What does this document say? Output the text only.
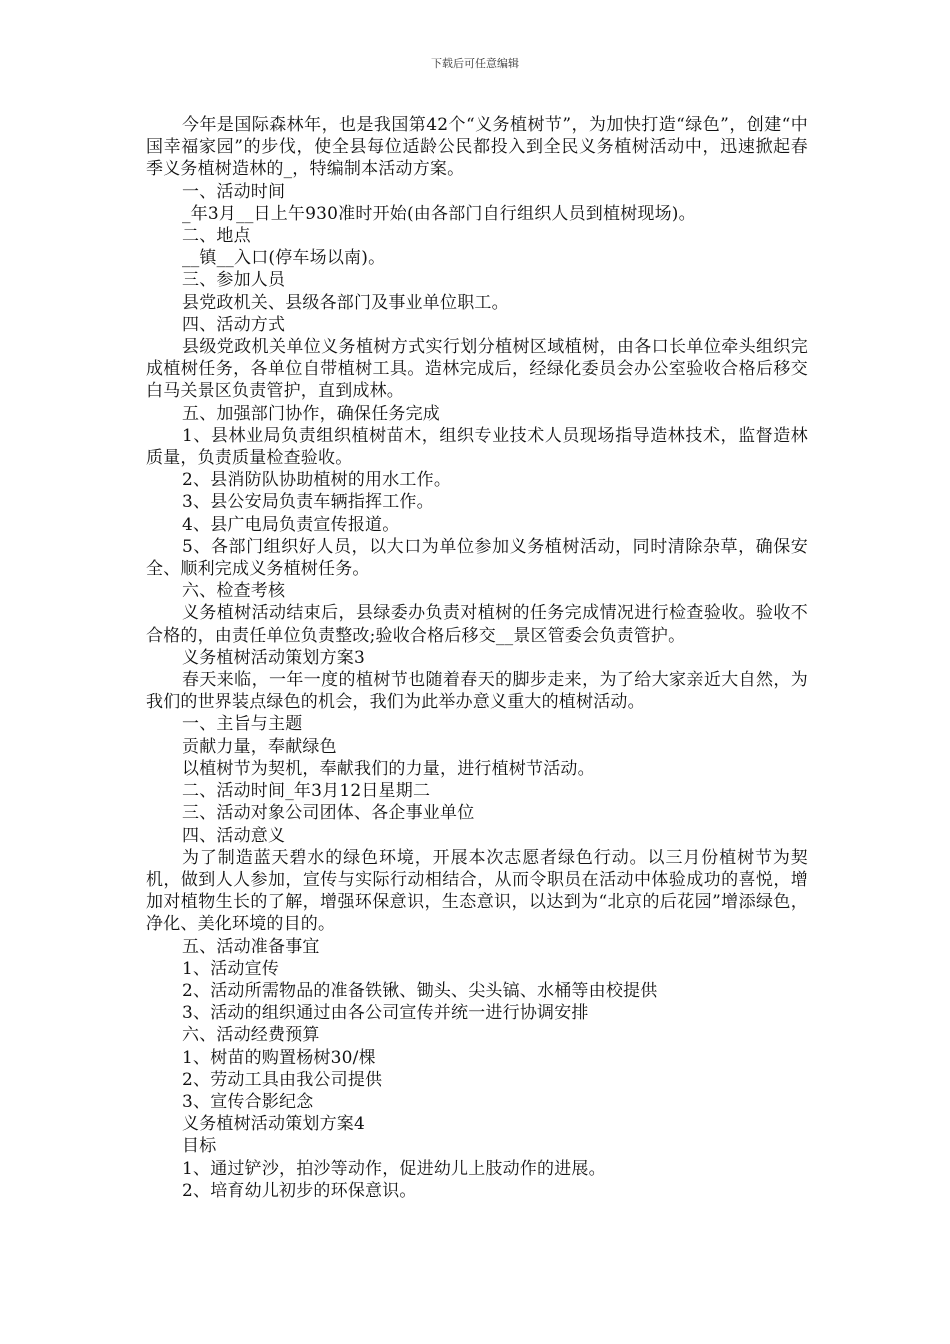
下载后可任意编辑

今年是国际森林年，也是我国第42个“义务植树节”，为加快打造“绿色”，创建“中国幸福家园”的步伐，使全县每位适龄公民都投入到全民义务植树活动中，迅速掀起春季义务植树造林的_，特编制本活动方案。

一、活动时间

_年3月__日上午930准时开始(由各部门自行组织人员到植树现场)。

二、地点

__镇__入口(停车场以南)。

三、参加人员

县党政机关、县级各部门及事业单位职工。

四、活动方式

县级党政机关单位义务植树方式实行划分植树区域植树，由各口长单位牵头组织完成植树任务，各单位自带植树工具。造林完成后，经绿化委员会办公室验收合格后移交白马关景区负责管护，直到成林。

五、加强部门协作，确保任务完成

1、县林业局负责组织植树苗木，组织专业技术人员现场指导造林技术，监督造林质量，负责质量检查验收。

2、县消防队协助植树的用水工作。

3、县公安局负责车辆指挥工作。

4、县广电局负责宣传报道。

5、各部门组织好人员，以大口为单位参加义务植树活动，同时清除杂草，确保安全、顺利完成义务植树任务。

六、检查考核

义务植树活动结束后，县绿委办负责对植树的任务完成情况进行检查验收。验收不合格的，由责任单位负责整改;验收合格后移交__景区管委会负责管护。

义务植树活动策划方案3

春天来临，一年一度的植树节也随着春天的脚步走来，为了给大家亲近大自然，为我们的世界装点绿色的机会，我们为此举办意义重大的植树活动。

一、主旨与主题

贡献力量，奉献绿色

以植树节为契机，奉献我们的力量，进行植树节活动。

二、活动时间_年3月12日星期二

三、活动对象公司团体、各企事业单位

四、活动意义

为了制造蓝天碧水的绿色环境，开展本次志愿者绿色行动。以三月份植树节为契机，做到人人参加，宣传与实际行动相结合，从而令职员在活动中体验成功的喜悦，增加对植物生长的了解，增强环保意识，生态意识，以达到为“北京的后花园”增添绿色，净化、美化环境的目的。

五、活动准备事宜

1、活动宣传

2、活动所需物品的准备铁锹、锄头、尖头镐、水桶等由校提供

3、活动的组织通过由各公司宣传并统一进行协调安排

六、活动经费预算

1、树苗的购置杨树30/棵

2、劳动工具由我公司提供

3、宣传合影纪念

义务植树活动策划方案4

目标

1、通过铲沙，拍沙等动作，促进幼儿上肢动作的进展。

2、培育幼儿初步的环保意识。
